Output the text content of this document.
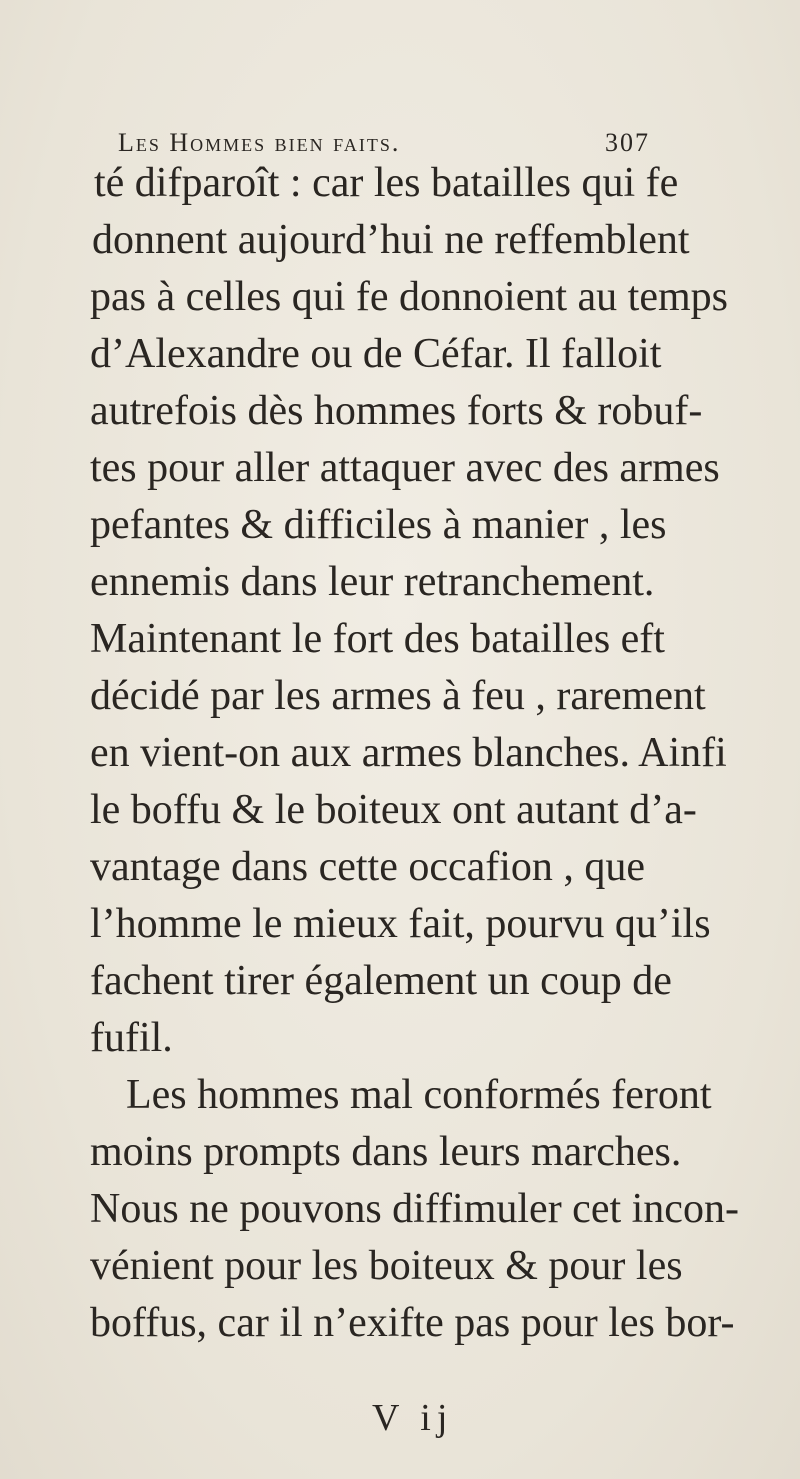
Les Hommes bien faits.	307
té difparoît : car les batailles qui fe
donnent aujourd’hui ne reffemblent
pas à celles qui fe donnoient au temps
d’Alexandre ou de Céfar. Il falloit
autrefois dès hommes forts & robuf-
tes pour aller attaquer avec des armes
pefantes & difficiles à manier , les
ennemis dans leur retranchement.
Maintenant le fort des batailles eft
décidé par les armes à feu , rarement
en vient-on aux armes blanches. Ainfi
le boffu & le boiteux ont autant d’a-
vantage dans cette occafion , que
l’homme le mieux fait, pourvu qu’ils
fachent tirer également un coup de
fufil.
Les hommes mal conformés feront
moins prompts dans leurs marches.
Nous ne pouvons diffimuler cet incon-
vénient pour les boiteux & pour les
boffus, car il n’exifte pas pour les bor-
V ij
